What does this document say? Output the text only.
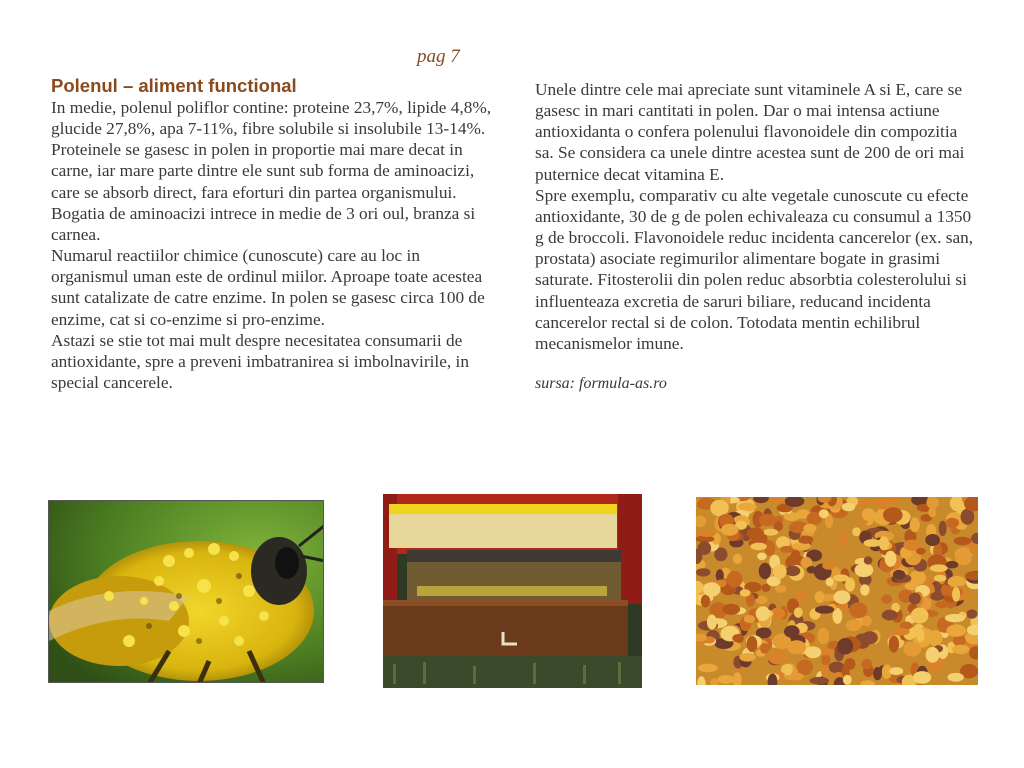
pag 7
Polenul – aliment functional

In medie, polenul poliflor contine: proteine 23,7%, lipide 4,8%, glucide 27,8%, apa 7-11%, fibre solubile si insolubile 13-14%.

Proteinele se gasesc in polen in proportie mai mare decat in carne, iar mare parte dintre ele sunt sub forma de aminoacizi, care se absorb direct, fara eforturi din partea organismului. Bogatia de aminoacizi intrece in medie de 3 ori oul, branza si carnea.

Numarul reactiilor chimice (cunoscute) care au loc in organismul uman este de ordinul miilor. Aproape toate acestea sunt catalizate de catre enzime. In polen se gasesc circa 100 de enzime, cat si co-enzime si pro-enzime.

Astazi se stie tot mai mult despre necesitatea consumarii de antioxidante, spre a preveni imbatranirea si imbolnavirile, in special cancerele.

Unele dintre cele mai apreciate sunt vitaminele A si E, care se gasesc in mari cantitati in polen. Dar o mai intensa actiune antioxidanta o confera polenului flavonoidele din compozitia sa. Se considera ca unele dintre acestea sunt de 200 de ori mai puternice decat vitamina E.

Spre exemplu, comparativ cu alte vegetale cunoscute cu efecte antioxidante, 30 de g de polen echivaleaza cu consumul a 1350 g de broccoli. Flavonoidele reduc incidenta cancerelor (ex. san, prostata) asociate regimurilor alimentare bogate in grasimi saturate. Fitosterolii din polen reduc absorbtia colesterolului si influenteaza excretia de saruri biliare, reducand incidenta cancerelor rectal si de colon. Totodata mentin echilibrul mecanismelor imune.

sursa: formula-as.ro
